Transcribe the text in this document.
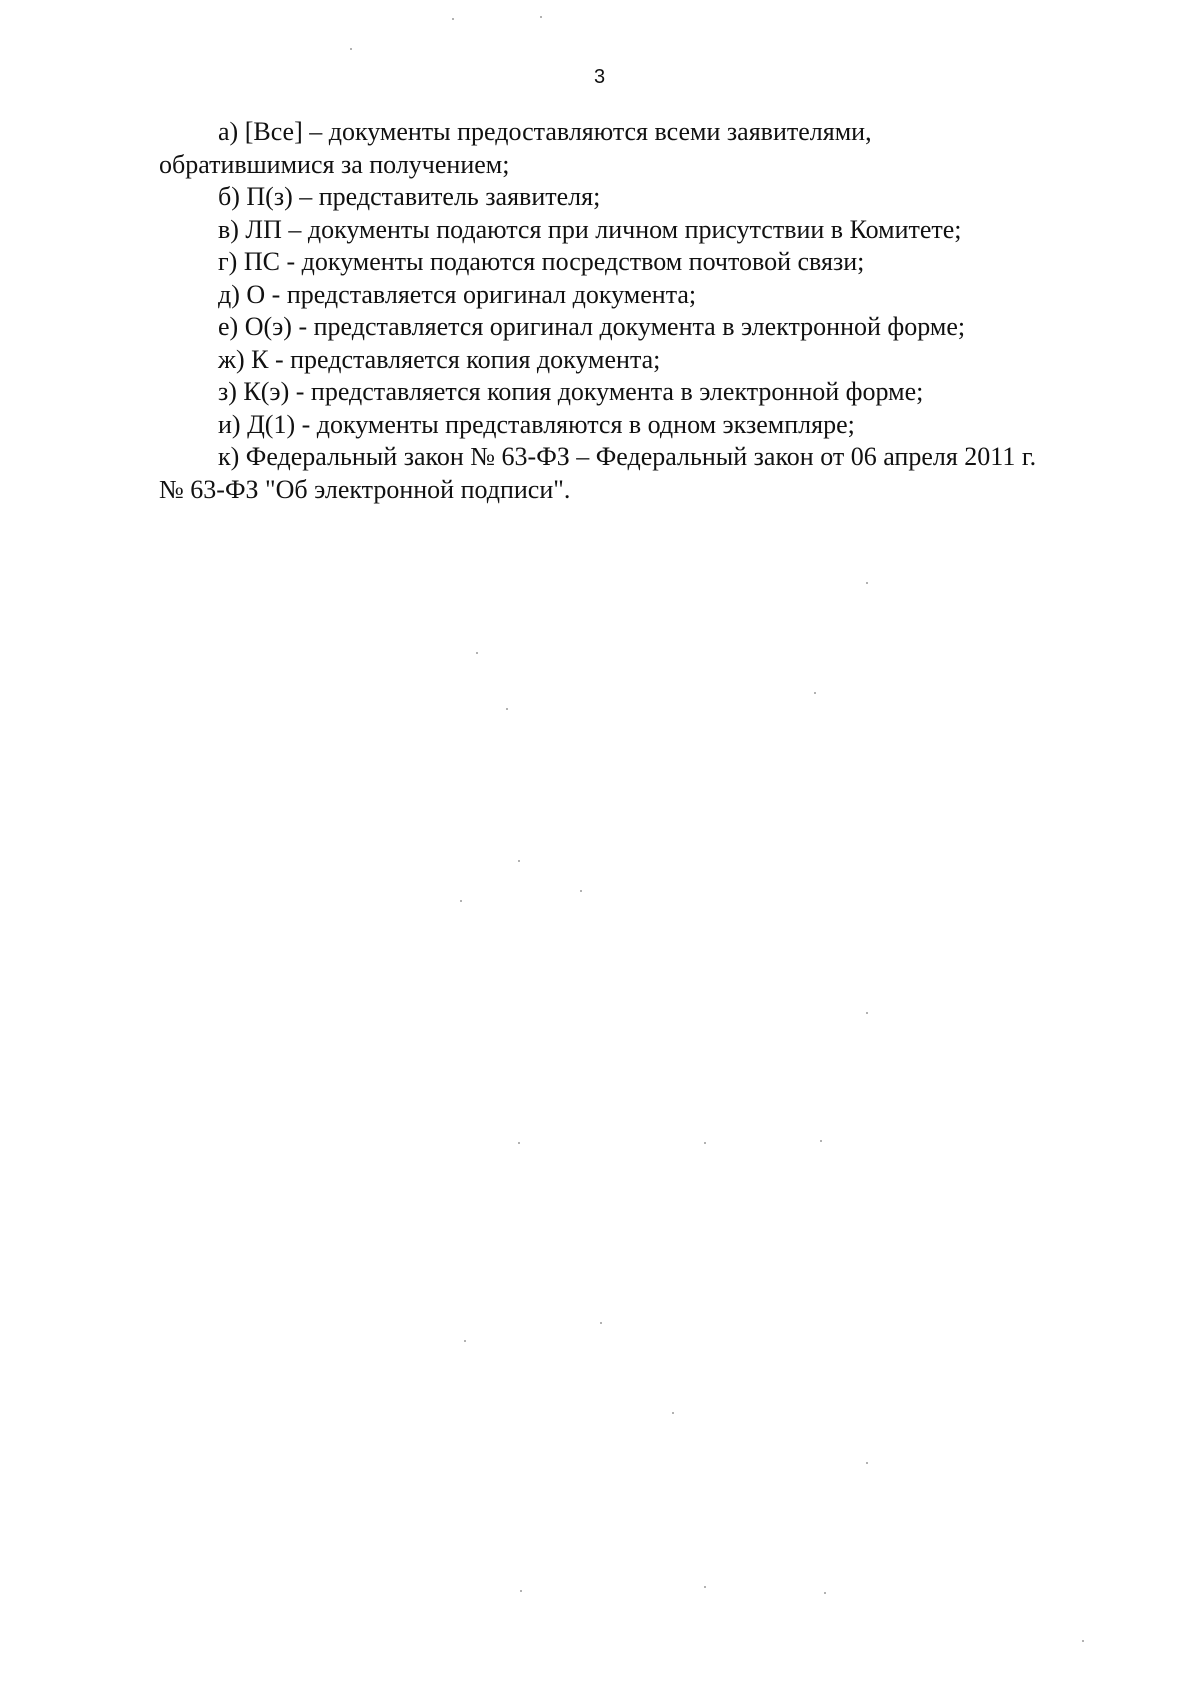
3

а) [Все] – документы предоставляются всеми заявителями, обратившимися за получением;

б) П(з) – представитель заявителя;

в) ЛП – документы подаются при личном присутствии в Комитете;

г) ПС - документы подаются посредством почтовой связи;

д) О - представляется оригинал документа;

е) О(э) - представляется оригинал документа в электронной форме;

ж) К - представляется копия документа;

з) К(э) - представляется копия документа в электронной форме;

и) Д(1) - документы представляются в одном экземпляре;

к) Федеральный закон № 63-ФЗ – Федеральный закон от 06 апреля 2011 г. № 63-ФЗ "Об электронной подписи".
